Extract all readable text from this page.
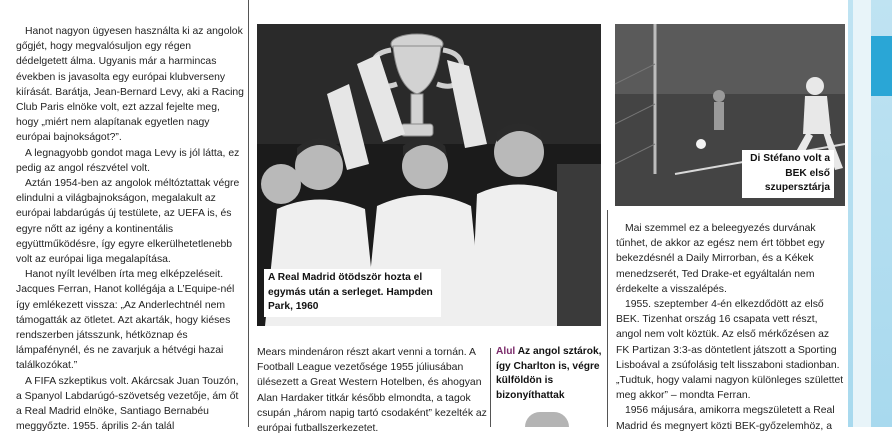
Hanot nagyon ügyesen használta ki az angolok gőgjét, hogy megvalósuljon egy régen dédelgetett álma. Ugyanis már a harmincas években is javasolta egy európai klubverseny kiírását. Barátja, Jean-Bernard Levy, aki a Racing Club Paris elnöke volt, ezt azzal fejelte meg, hogy „miért nem alapítanak egyetlen nagy európai bajnokságot?”.

A legnagyobb gondot maga Levy is jól látta, ez pedig az angol részvétel volt.

Aztán 1954-ben az angolok méltóztattak végre elindulni a világbajnokságon, megalakult az európai labdarúgás új testülete, az UEFA is, és egyre nőtt az igény a kontinentális együttműködésre, így egyre elkerülhetetlenebb volt az európai liga megalapítása.

Hanot nyílt levélben írta meg elképzeléseit. Jacques Ferran, Hanot kollégája a L’Equipe-nél így emlékezett vissza: „Az Anderlechtnél nem támogatták az ötletet. Azt akarták, hogy kiéses rendszerben játsszunk, hétköznap és lámpafénynél, és ne zavarjuk a hétvégi hazai találkozókat.”

A FIFA szkeptikus volt. Akárcsak Juan Touzón, a Spanyol Labdarúgó-szövetség vezetője, ám őt a Real Madrid elnöke, Santiago Bernabéu meggyőzte. 1955. április 2-án talál

A Real Madrid ötödször hozta el egymás után a serleget. Hampden Park, 1960
Di Stéfano volt a BEK első szupersztárja

Mears mindenáron részt akart venni a tornán. A Football League vezetősége 1955 júliusában ülésezett a Great Western Hotelben, és ahogyan Alan Hardaker titkár később elmondta, a tagok csupán „három napig tartó csodaként” kezelték az európai futballszerkezetet.

Alul Az angol sztárok, így Charlton is, végre külföldön is bizonyíthattak

Mai szemmel ez a beleegyezés durvának tűnhet, de akkor az egész nem ért többet egy bekezdésnél a Daily Mirrorban, és a Kékek menedzserét, Ted Drake-et egyáltalán nem érdekelte a visszalépés.

1955. szeptember 4-én elkezdődött az első BEK. Tizenhat ország 16 csapata vett részt, angol nem volt köztük. Az első mérkőzésen az FK Partizan 3:3-as döntetlent játszott a Sporting Lisboával a zsúfolásig telt lisszaboni stadionban. „Tudtuk, hogy valami nagyon különleges születtet meg akkor” – mondta Ferran.

1956 májusára, amikorra megszületett a Real Madrid és megnyert közti BEK-győzelemhöz, a
